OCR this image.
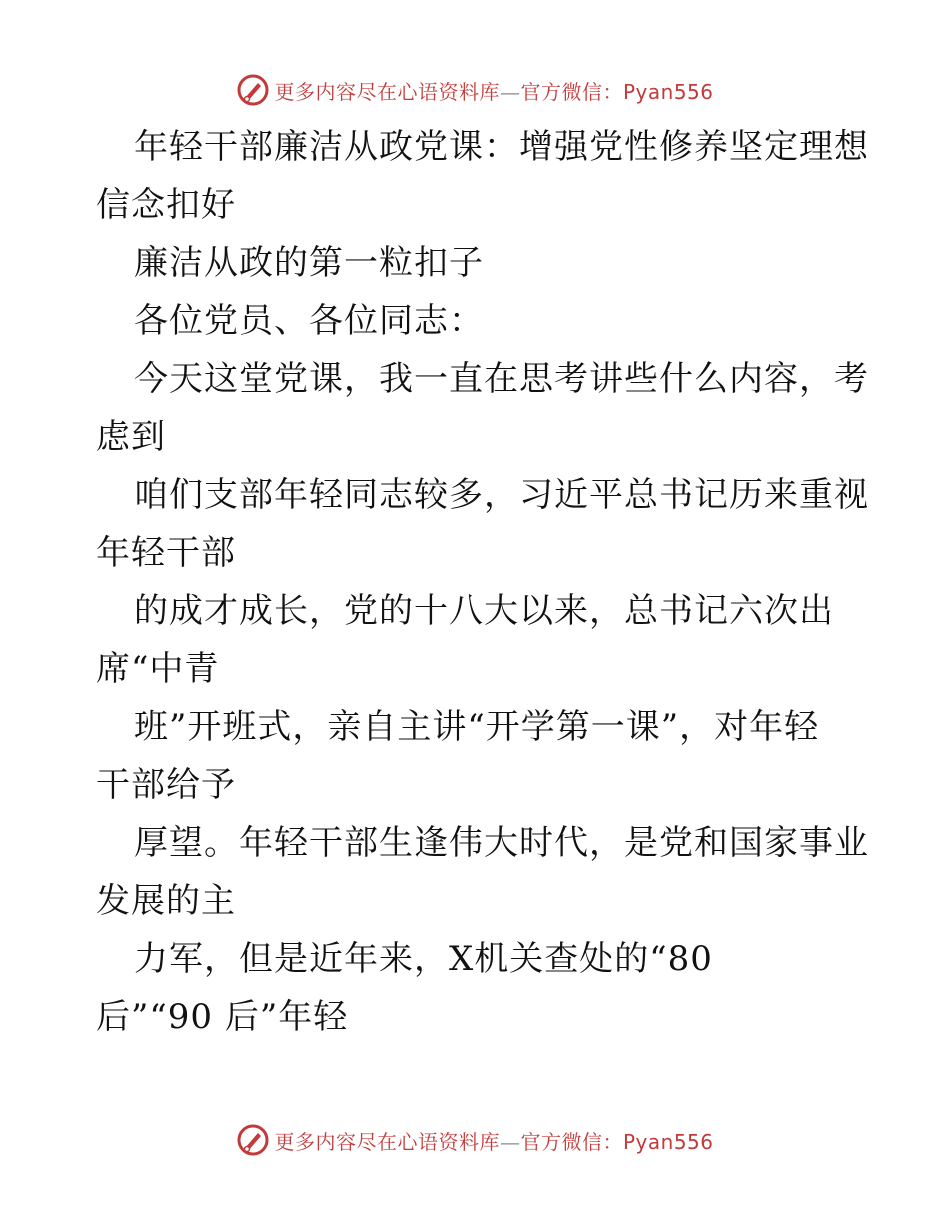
更多内容尽在心语资料库—官方微信：Pyan556
年轻干部廉洁从政党课：增强党性修养坚定理想
信念扣好
廉洁从政的第一粒扣子
各位党员、各位同志：
今天这堂党课，我一直在思考讲些什么内容，考
虑到
咱们支部年轻同志较多，习近平总书记历来重视
年轻干部
的成才成长，党的十八大以来，总书记六次出
席“中青
班”开班式，亲自主讲“开学第一课”，对年轻
干部给予
厚望。年轻干部生逢伟大时代，是党和国家事业
发展的主
力军，但是近年来，X机关查处的“80
后”“90 后”年轻
更多内容尽在心语资料库—官方微信：Pyan556
